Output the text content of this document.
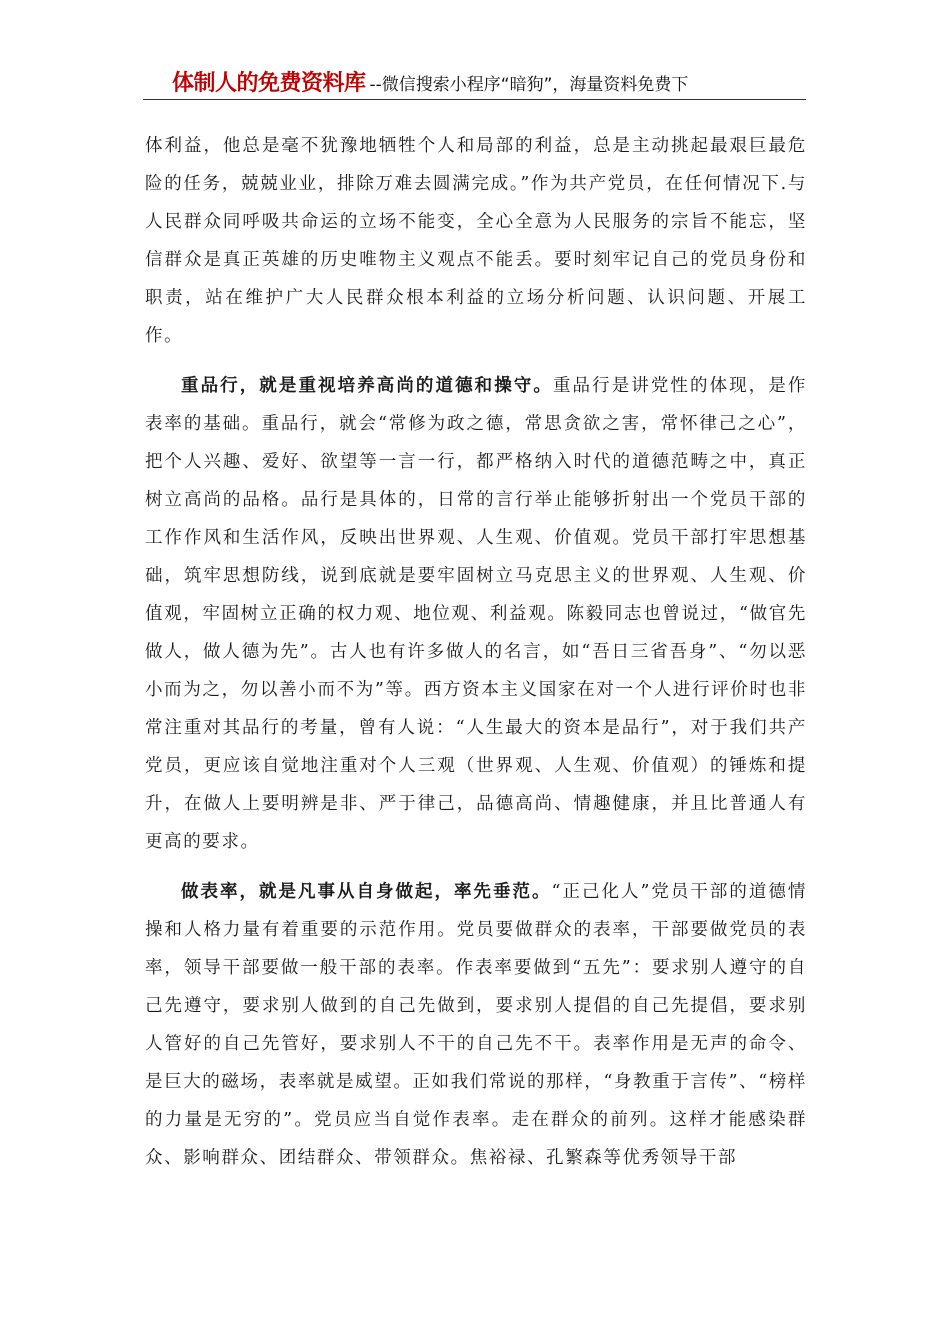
体制人的免费资料库 --微信搜索小程序“暗狗”，海量资料免费下

体利益，他总是毫不犹豫地牺牲个人和局部的利益，总是主动挑起最艰巨最危险的任务，兢兢业业，排除万难去圆满完成。”作为共产党员，在任何情况下.与人民群众同呼吸共命运的立场不能变，全心全意为人民服务的宗旨不能忘，坚信群众是真正英雄的历史唯物主义观点不能丢。要时刻牢记自己的党员身份和职责，站在维护广大人民群众根本利益的立场分析问题、认识问题、开展工作。

重品行，就是重视培养高尚的道德和操守。重品行是讲党性的体现，是作表率的基础。重品行，就会“常修为政之德，常思贪欲之害，常怀律己之心”，把个人兴趣、爱好、欲望等一言一行，都严格纳入时代的道德范畴之中，真正树立高尚的品格。品行是具体的，日常的言行举止能够折射出一个党员干部的工作作风和生活作风，反映出世界观、人生观、价值观。党员干部打牢思想基础，筑牢思想防线，说到底就是要牢固树立马克思主义的世界观、人生观、价值观，牢固树立正确的权力观、地位观、利益观。陈毅同志也曾说过，“做官先做人，做人德为先”。古人也有许多做人的名言，如“吾日三省吾身”、“勿以恶小而为之，勿以善小而不为”等。西方资本主义国家在对一个人进行评价时也非常注重对其品行的考量，曾有人说：“人生最大的资本是品行”，对于我们共产党员，更应该自觉地注重对个人三观（世界观、人生观、价值观）的锤炼和提升，在做人上要明辨是非、严于律己，品德高尚、情趣健康，并且比普通人有更高的要求。

做表率，就是凡事从自身做起，率先垂范。“正己化人”党员干部的道德情操和人格力量有着重要的示范作用。党员要做群众的表率，干部要做党员的表率，领导干部要做一般干部的表率。作表率要做到“五先”：要求别人遵守的自己先遵守，要求别人做到的自己先做到，要求别人提倡的自己先提倡，要求别人管好的自己先管好，要求别人不干的自己先不干。表率作用是无声的命令、是巨大的磁场，表率就是威望。正如我们常说的那样，“身教重于言传”、“榜样的力量是无穷的”。党员应当自觉作表率。走在群众的前列。这样才能感染群众、影响群众、团结群众、带领群众。焦裕禄、孔繁森等优秀领导干部
